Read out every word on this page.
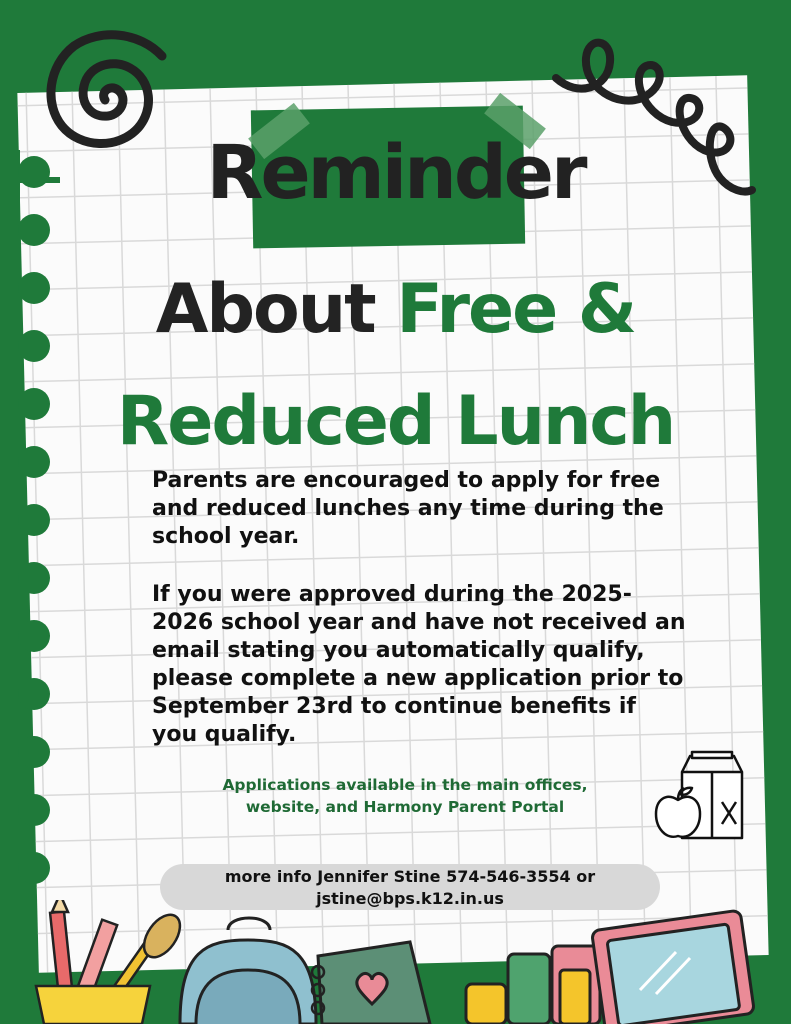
Reminder
About Free &
Reduced Lunch

Parents are encouraged to apply for free
and reduced lunches any time during the
school year.

If you were approved during the 2025-
2026 school year and have not received an
email stating you automatically qualify,
please complete a new application prior to
September 23rd to continue benefits if
you qualify.

Applications available in the main offices,
website, and Harmony Parent Portal

more info Jennifer Stine 574-546-3554 or
jstine@bps.k12.in.us
